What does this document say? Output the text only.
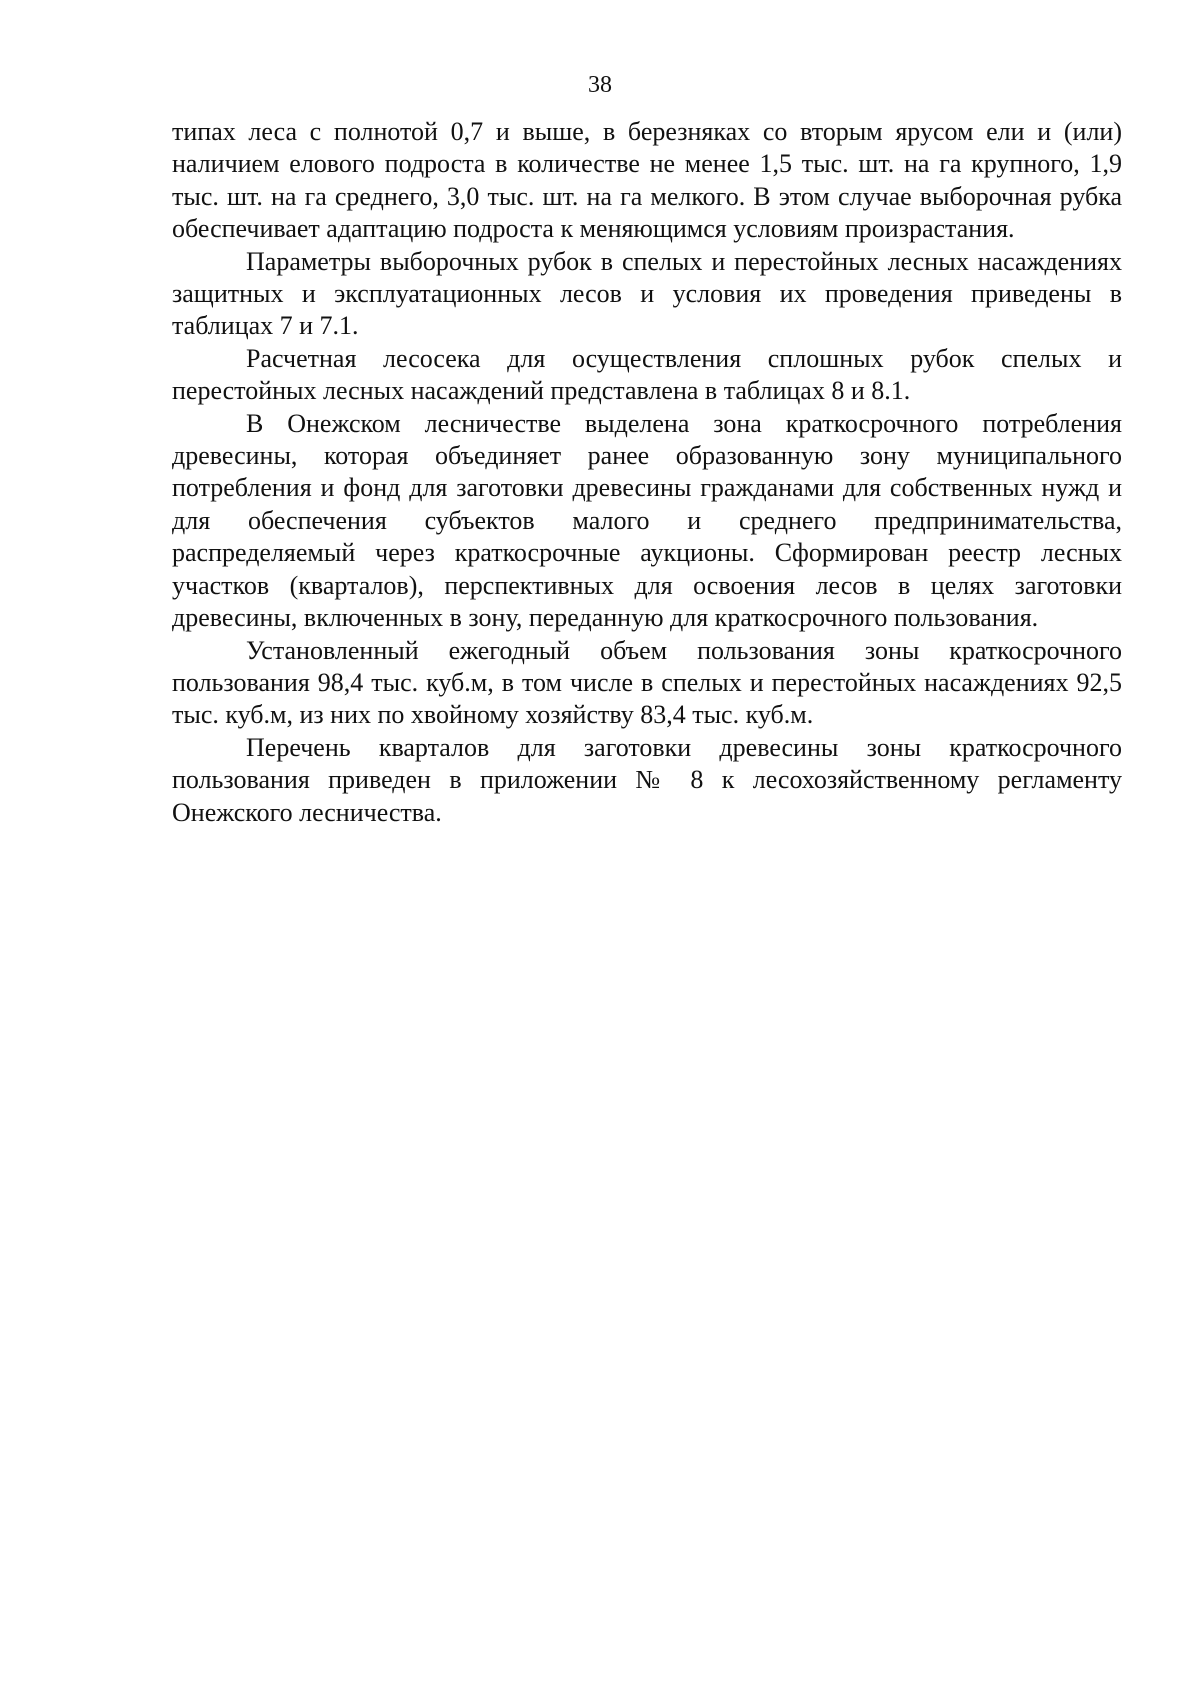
38

типах леса с полнотой 0,7 и выше, в березняках со вторым ярусом ели и (или) наличием елового подроста в количестве не менее 1,5 тыс. шт. на га крупного, 1,9 тыс. шт. на га среднего, 3,0 тыс. шт. на га мелкого. В этом случае выборочная рубка обеспечивает адаптацию подроста к меняющимся условиям произрастания.

Параметры выборочных рубок в спелых и перестойных лесных насаждениях защитных и эксплуатационных лесов и условия их проведения приведены в таблицах 7 и 7.1.

Расчетная лесосека для осуществления сплошных рубок спелых и перестойных лесных насаждений представлена в таблицах 8 и 8.1.

В Онежском лесничестве выделена зона краткосрочного потребления древесины, которая объединяет ранее образованную зону муниципального потребления и фонд для заготовки древесины гражданами для собственных нужд и для обеспечения субъектов малого и среднего предпринимательства, распределяемый через краткосрочные аукционы. Сформирован реестр лесных участков (кварталов), перспективных для освоения лесов в целях заготовки древесины, включенных в зону, переданную для краткосрочного пользования.

Установленный ежегодный объем пользования зоны краткосрочного пользования 98,4 тыс. куб.м, в том числе в спелых и перестойных насаждениях 92,5 тыс. куб.м, из них по хвойному хозяйству 83,4 тыс. куб.м.

Перечень кварталов для заготовки древесины зоны краткосрочного пользования приведен в приложении № 8 к лесохозяйственному регламенту Онежского лесничества.
